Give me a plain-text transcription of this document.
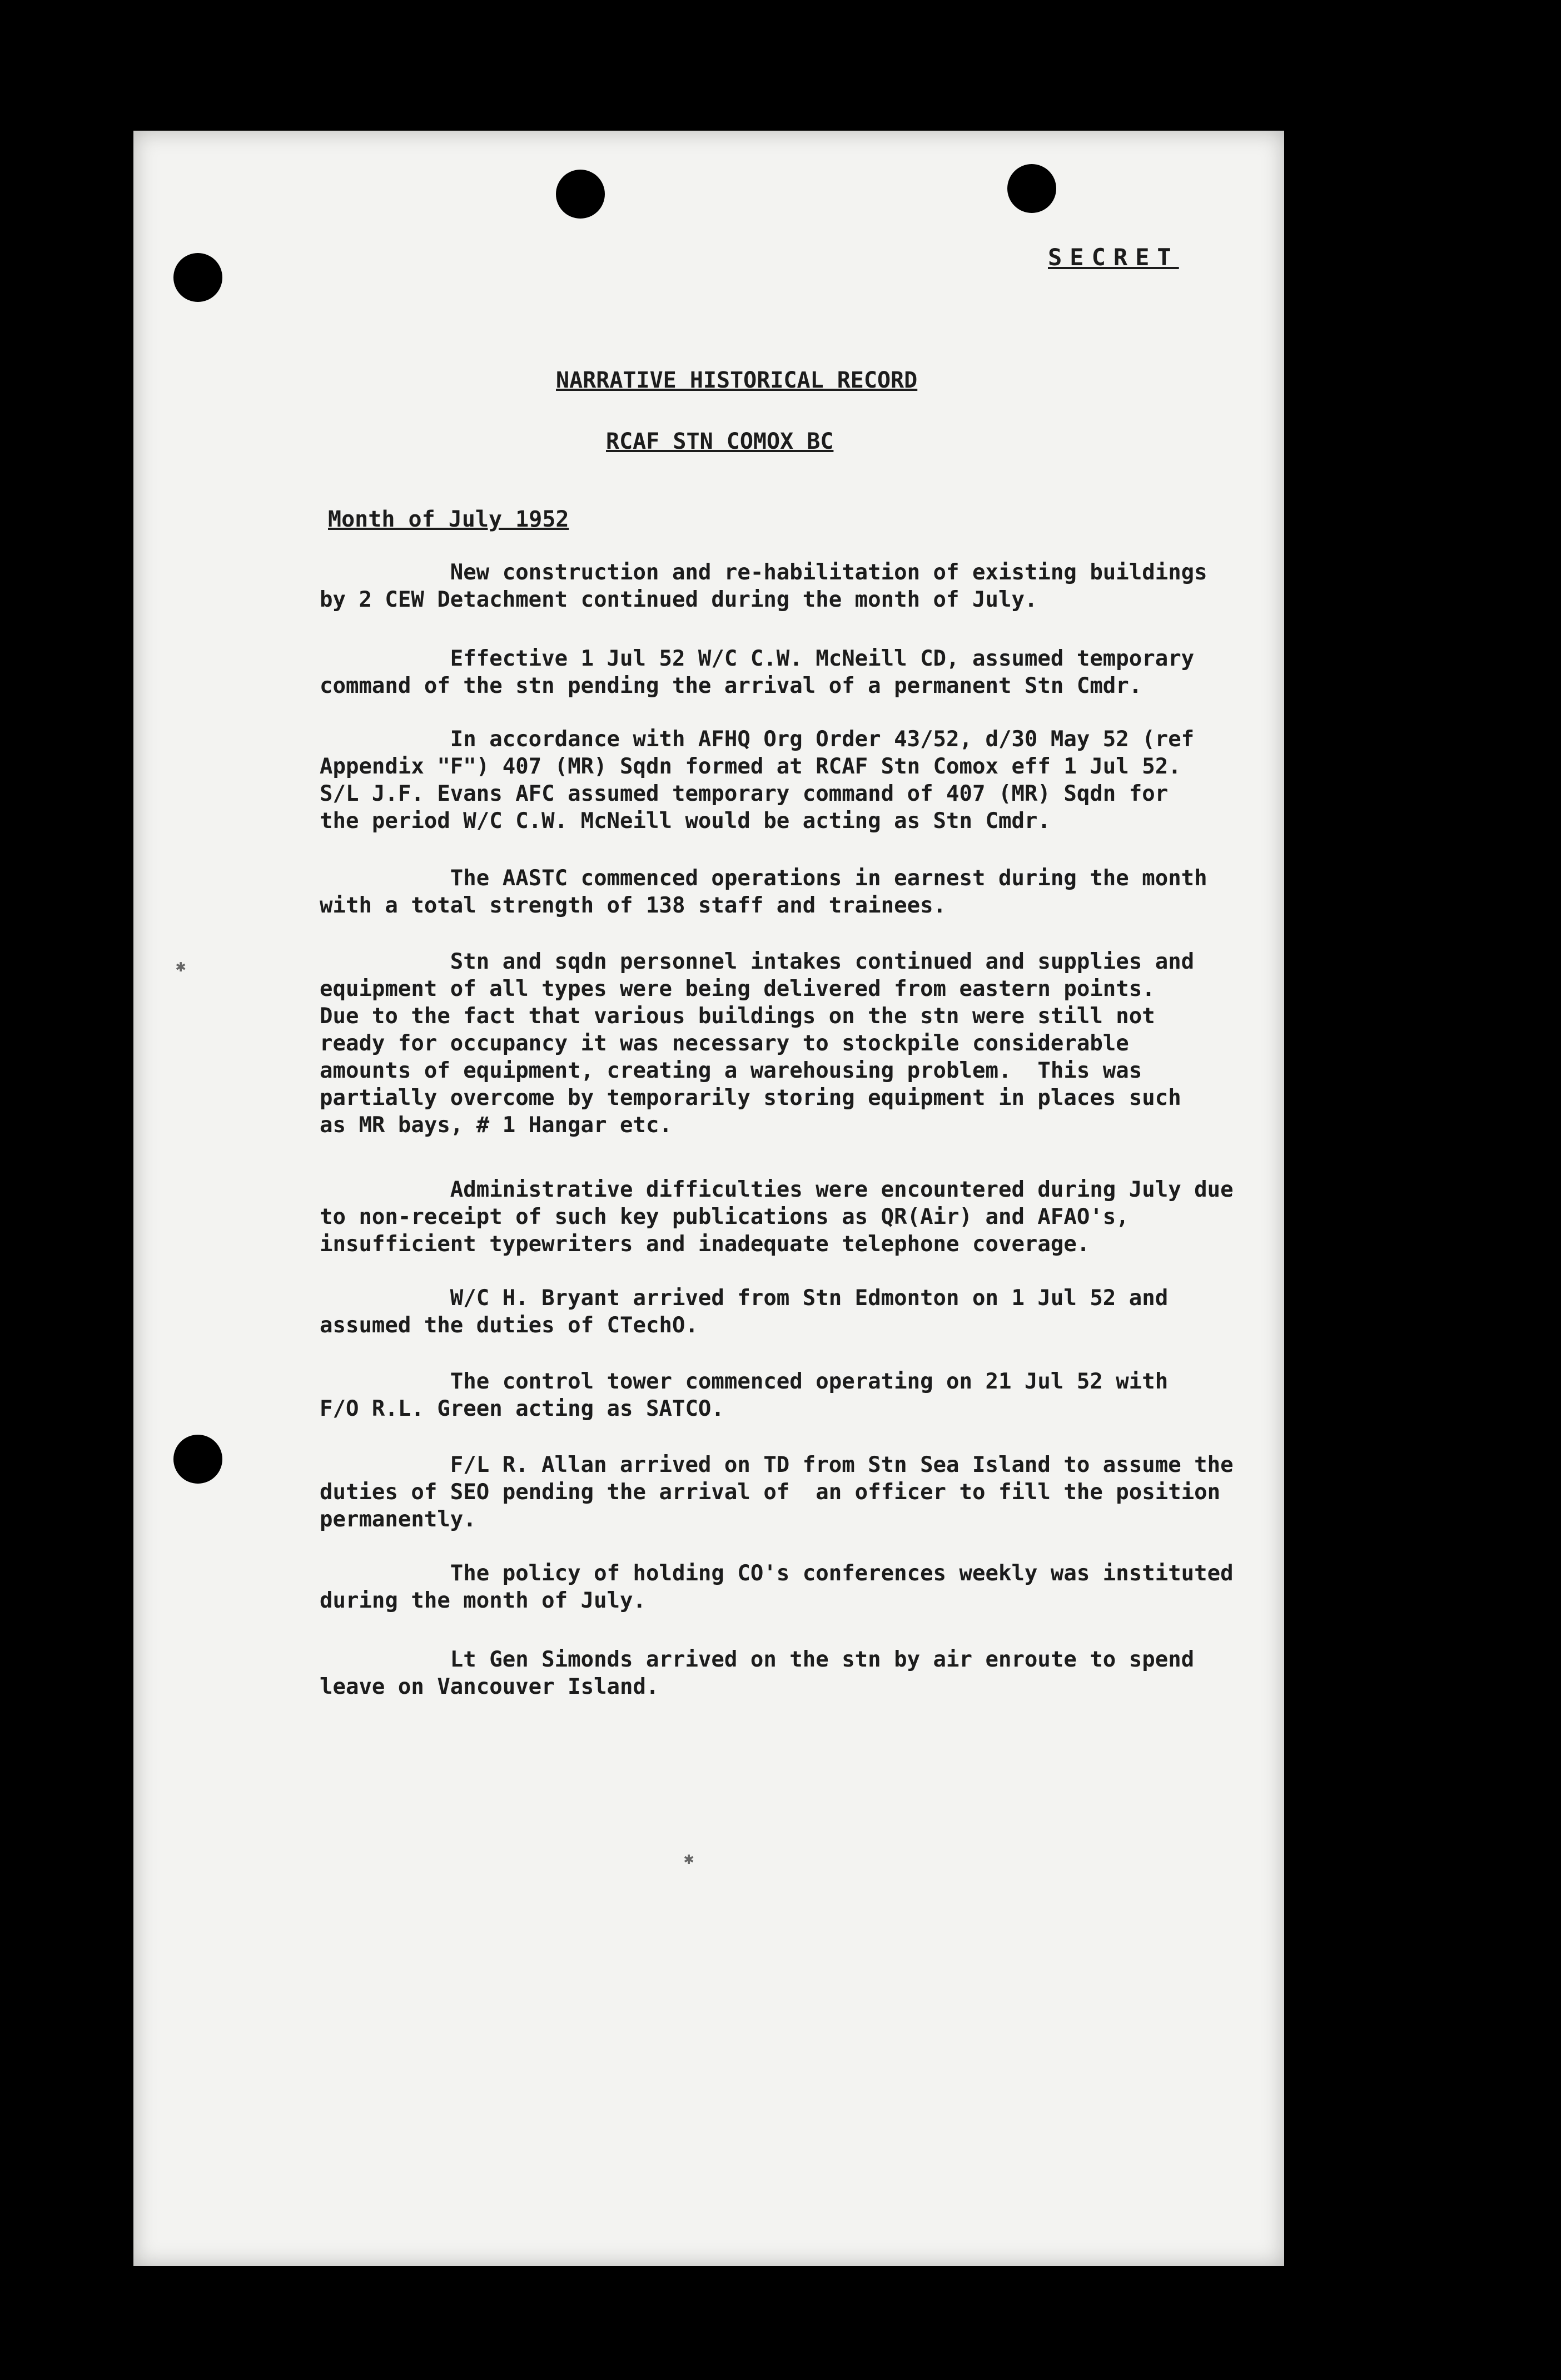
SECRET
NARRATIVE HISTORICAL RECORD
RCAF STN COMOX BC
Month of July 1952
New construction and re-habilitation of existing buildings
by 2 CEW Detachment continued during the month of July.
Effective 1 Jul 52 W/C C.W. McNeill CD, assumed temporary
command of the stn pending the arrival of a permanent Stn Cmdr.
In accordance with AFHQ Org Order 43/52, d/30 May 52 (ref
Appendix "F") 407 (MR) Sqdn formed at RCAF Stn Comox eff 1 Jul 52.
S/L J.F. Evans AFC assumed temporary command of 407 (MR) Sqdn for
the period W/C C.W. McNeill would be acting as Stn Cmdr.
The AASTC commenced operations in earnest during the month
with a total strength of 138 staff and trainees.
Stn and sqdn personnel intakes continued and supplies and
equipment of all types were being delivered from eastern points.
Due to the fact that various buildings on the stn were still not
ready for occupancy it was necessary to stockpile considerable
amounts of equipment, creating a warehousing problem.  This was
partially overcome by temporarily storing equipment in places such
as MR bays, # 1 Hangar etc.
Administrative difficulties were encountered during July due
to non-receipt of such key publications as QR(Air) and AFAO's,
insufficient typewriters and inadequate telephone coverage.
W/C H. Bryant arrived from Stn Edmonton on 1 Jul 52 and
assumed the duties of CTechO.
The control tower commenced operating on 21 Jul 52 with
F/O R.L. Green acting as SATCO.
F/L R. Allan arrived on TD from Stn Sea Island to assume the
duties of SEO pending the arrival of  an officer to fill the position
permanently.
The policy of holding CO's conferences weekly was instituted
during the month of July.
Lt Gen Simonds arrived on the stn by air enroute to spend
leave on Vancouver Island.
✱
✱
